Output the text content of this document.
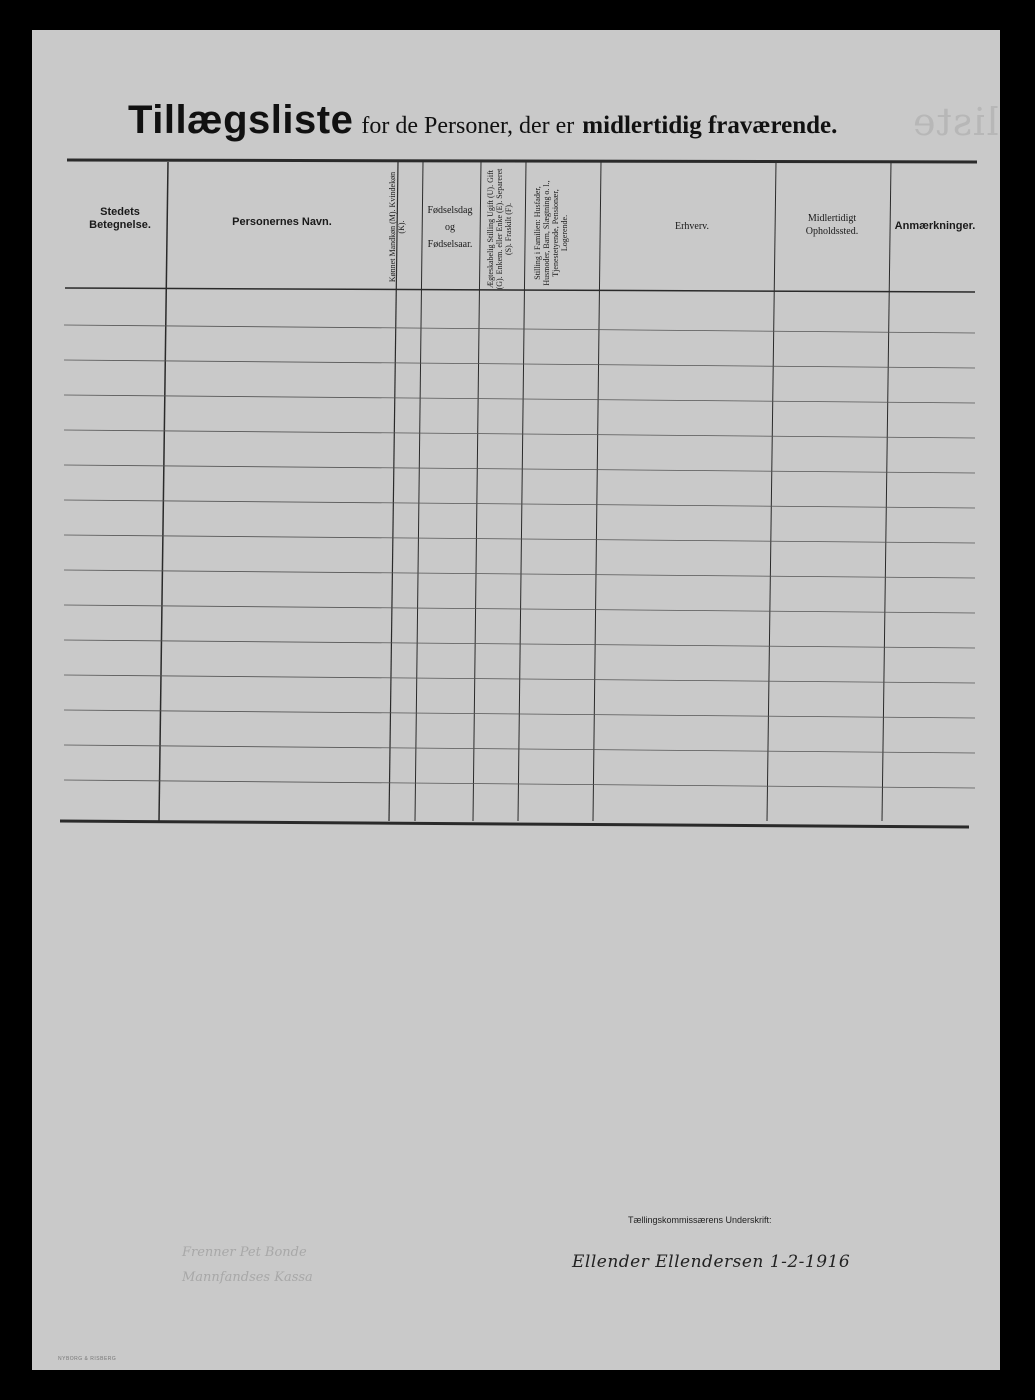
liste
Tillægsliste for de Personer, der er midlertidig fraværende.
Stedets Betegnelse.	Personernes Navn.	Kønnet Mandkøn (M). Kvindekøn (K).
Fødselsdag
og
Fødselsaar.	Ægteskabelig Stilling Ugift (U). Gift (G). Enkem. eller Enke (E). Separeret (S). Fraskilt (F).	Stilling i Familien: Husfader, Husmoder, Barn, Slægtning o. l., Tjenestetyende, Pensionær, Logerende.	Erhverv.
Midlertidigt
Opholdssted.	Anmærkninger.
Frenner Pet Bonde
Mannfandses Kassa
Tællingskommissærens Underskrift:
Ellender Ellendersen 1-2-1916
NYBORG & RISBERG
